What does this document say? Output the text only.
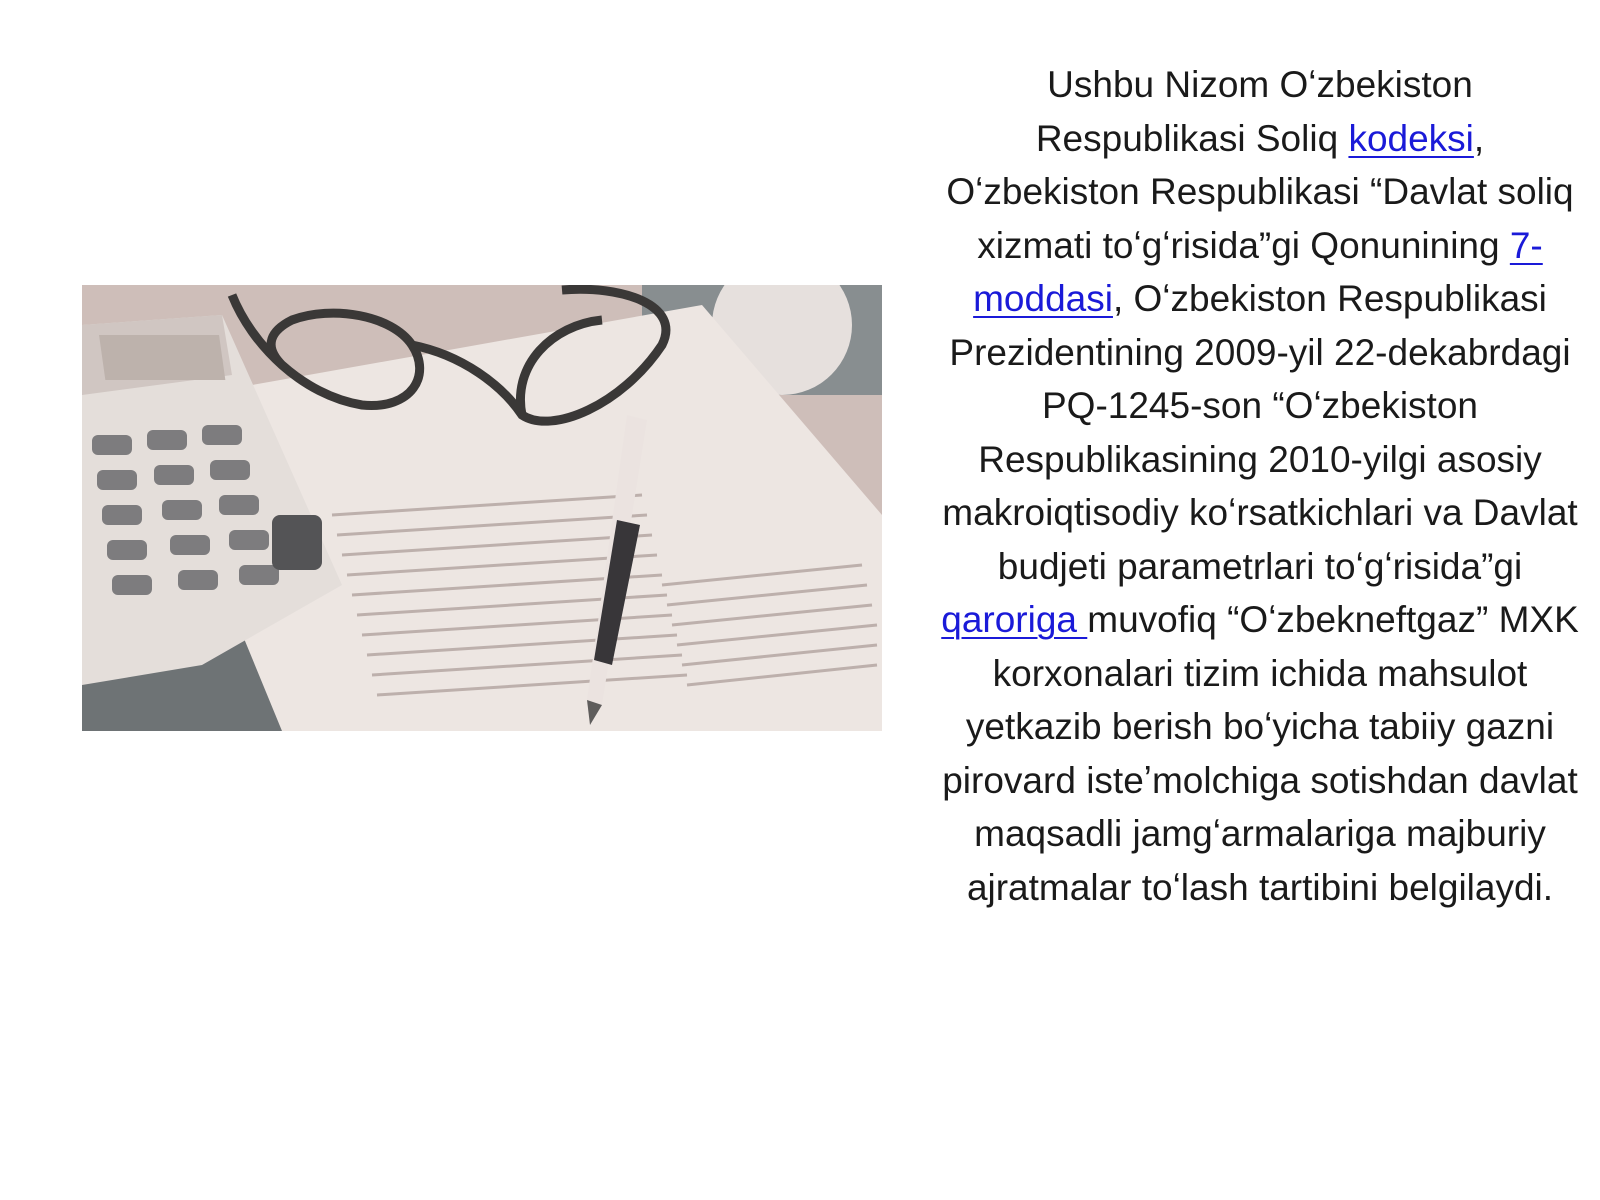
Ushbu Nizom Oʻzbekiston Respublikasi Soliq kodeksi, Oʻzbekiston Respublikasi “Davlat soliq xizmati toʻgʻrisida”gi Qonunining 7-moddasi, Oʻzbekiston Respublikasi Prezidentining 2009-yil 22-dekabrdagi PQ-1245-son “Oʻzbekiston Respublikasining 2010-yilgi asosiy makroiqtisodiy koʻrsatkichlari va Davlat budjeti parametrlari toʻgʻrisida”gi qaroriga muvofiq “Oʻzbekneftgaz” MXK korxonalari tizim ichida mahsulot yetkazib berish boʻyicha tabiiy gazni pirovard isteʼmolchiga sotishdan davlat maqsadli jamgʻarmalariga majburiy ajratmalar toʻlash tartibini belgilaydi.
